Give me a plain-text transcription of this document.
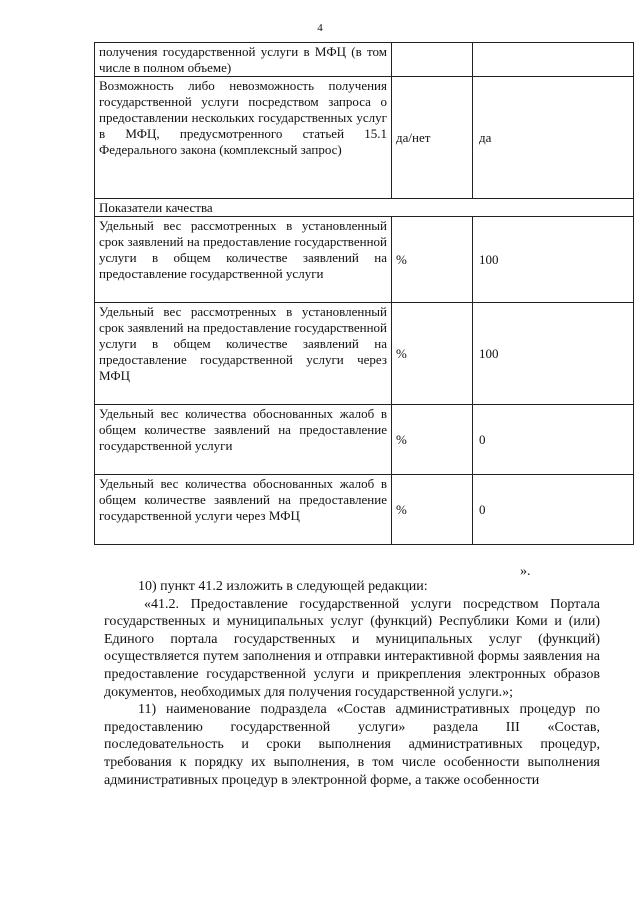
4
получения государственной услуги в МФЦ (в том числе в полном объеме)		
Возможность либо невозможность получения государственной услуги посредством запроса о предоставлении нескольких государственных услуг в МФЦ, предусмотренного статьей 15.1 Федерального закона (комплексный запрос)	да/нет	да
Показатели качества		
Удельный вес рассмотренных в установленный срок заявлений на предоставление государственной услуги в общем количестве заявлений на предоставление государственной услуги	%	100
Удельный вес рассмотренных в установленный срок заявлений на предоставление государственной услуги в общем количестве заявлений на предоставление государственной услуги через МФЦ	%	100
Удельный вес количества обоснованных жалоб в общем количестве заявлений на предоставление государственной услуги	%	0
Удельный вес количества обоснованных жалоб в общем количестве заявлений на предоставление государственной услуги через МФЦ	%	0
».

10) пункт 41.2 изложить в следующей редакции:

«41.2. Предоставление государственной услуги посредством Портала государственных и муниципальных услуг (функций) Республики Коми и (или) Единого портала государственных и муниципальных услуг (функций) осуществляется путем заполнения и отправки интерактивной формы заявления на предоставление государственной услуги и прикрепления электронных образов документов, необходимых для получения государственной услуги.»;

11) наименование подраздела «Состав административных процедур по предоставлению государственной услуги» раздела III «Состав, последовательность и сроки выполнения административных процедур, требования к порядку их выполнения, в том числе особенности выполнения административных процедур в электронной форме, а также особенности
